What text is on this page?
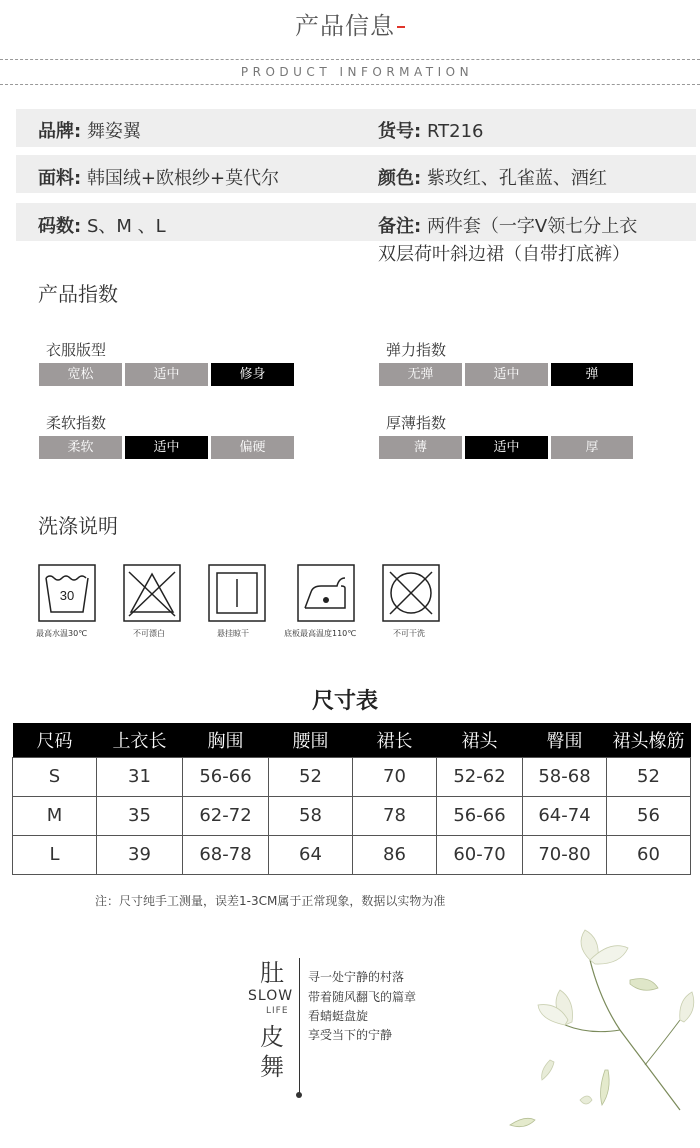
产品信息
PRODUCT INFORMATION
品牌: 舞姿翼	货号: RT216
面料: 韩国绒+欧根纱+莫代尔	颜色: 紫玫红、孔雀蓝、酒红
码数: S、M 、L	备注: 两件套（一字V领七分上衣
双层荷叶斜边裙（自带打底裤）
产品指数
衣服版型
宽松	适中	修身
弹力指数
无弹	适中	弹
柔软指数
柔软	适中	偏硬
厚薄指数
薄	适中	厚
洗涤说明
30
最高水温30℃	不可漂白	悬挂晾干	底板最高温度110℃	不可干洗
尺寸表
尺码	上衣长	胸围	腰围	裙长	裙头	臀围	裙头橡筋
S	31	56-66	52	70	52-62	58-68	52
M	35	62-72	58	78	56-66	64-74	56
L	39	68-78	64	86	60-70	70-80	60
注：尺寸纯手工测量，误差1-3CM属于正常现象，数据以实物为准
肚
SLOW
LIFE
皮
舞
寻一处宁静的村落
带着随风翻飞的篇章
看蜻蜓盘旋
享受当下的宁静
